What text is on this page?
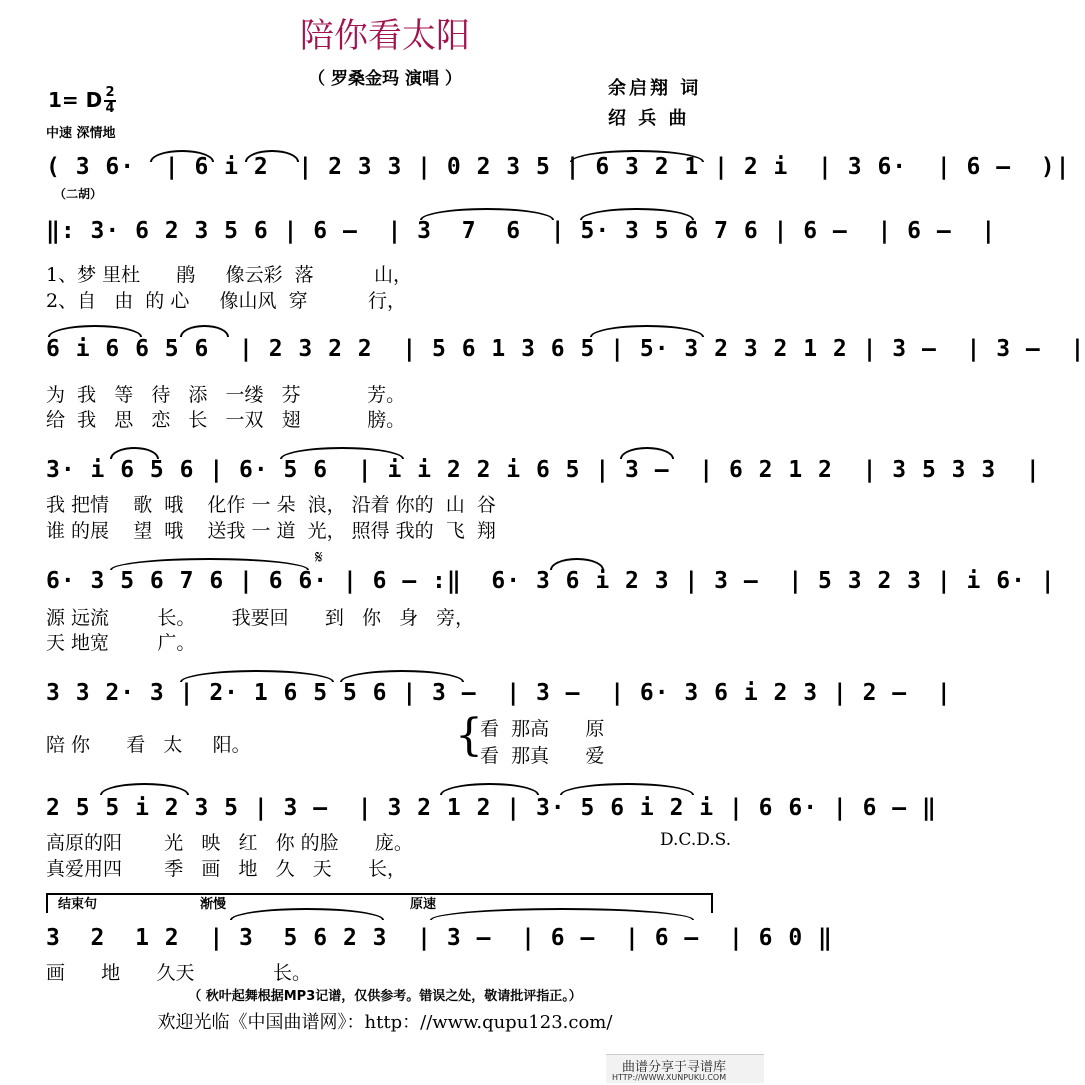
陪你看太阳
（ 罗桑金玛 演唱 ）	余启翔 词
绍 兵 曲
1= D 2
4
中速 深情地
( 3 6·  | 6 i 2  | 2 3 3 | 0 2 3 5 | 6 3 2 1 | 2 i  | 3 6·  | 6 –  )|
（二胡）
‖: 3· 6 2 3 5 6 | 6 –  | 3  7  6  | 5· 3 5 6 7 6 | 6 –  | 6 –  |
1、梦 里杜      鹃     像云彩  落          山，
2、自   由  的 心     像山风  穿          行，
6 i 6 6 5 6  | 2 3 2 2  | 5 6 1 3 6 5 | 5· 3 2 3 2 1 2 | 3 –  | 3 –  |
为  我   等   待   添   一缕   芬           芳。
给  我   思   恋   长   一双   翅           膀。
3· i 6 5 6 | 6· 5 6  | i i 2 2 i 6 5 | 3 –  | 6 2 1 2  | 3 5 3 3  |
我 把情    歌  哦    化作 一 朵  浪， 沿着 你的  山  谷
谁 的展    望  哦    送我 一 道  光， 照得 我的  飞  翔
𝄋
6· 3 5 6 7 6 | 6 6· | 6 – :‖  6· 3 6 i 2 3 | 3 –  | 5 3 2 3 | i 6· |
源 远流        长。      我要回      到   你   身   旁，
天 地宽        广。
3 3 2· 3 | 2· 1 6 5 5 6 | 3 –  | 3 –  | 6· 3 6 i 2 3 | 2 –  |
陪 你      看   太     阳。	{
看  那高      原
看  那真      爱
2 5 5 i 2 3 5 | 3 –  | 3 2 1 2 | 3· 5 6 i 2 i | 6 6· | 6 – ‖
高原的阳       光   映   红   你 的脸      庞。
真爱用四       季   画   地   久   天      长，
D.C.D.S.
结束句	渐慢	原速
3  2  1 2  | 3  5 6 2 3  | 3 –  | 6 –  | 6 –  | 6 0 ‖
画      地      久天             长。
（ 秋叶起舞根据MP3记谱，仅供参考。错误之处，敬请批评指正。）
欢迎光临《中国曲谱网》：http：//www.qupu123.com/
曲谱分享于寻谱库
HTTP://WWW.XUNPUKU.COM
